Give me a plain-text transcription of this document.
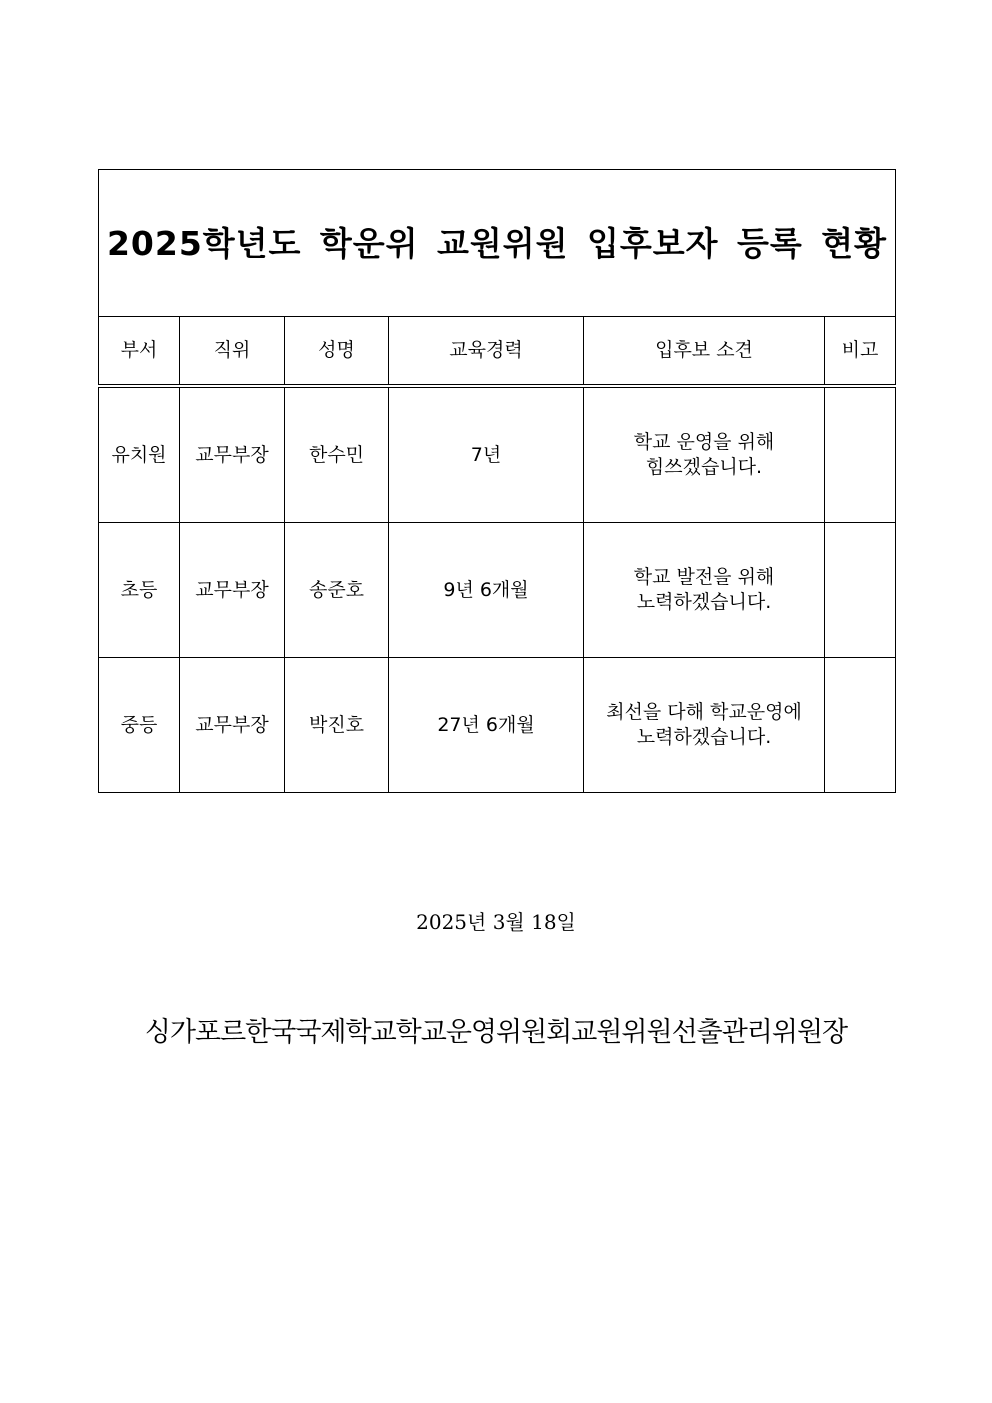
2025학년도 학운위 교원위원 입후보자 등록 현황					
부서	직위	성명	교육경력	입후보 소견	비고
유치원	교무부장	한수민	7년	학교 운영을 위해
힘쓰겠습니다.	

초등	교무부장	송준호	9년 6개월	학교 발전을 위해
노력하겠습니다.	

중등	교무부장	박진호	27년 6개월	최선을 다해 학교운영에
노력하겠습니다.	

2025년 3월 18일
싱가포르한국국제학교학교운영위원회교원위원선출관리위원장
